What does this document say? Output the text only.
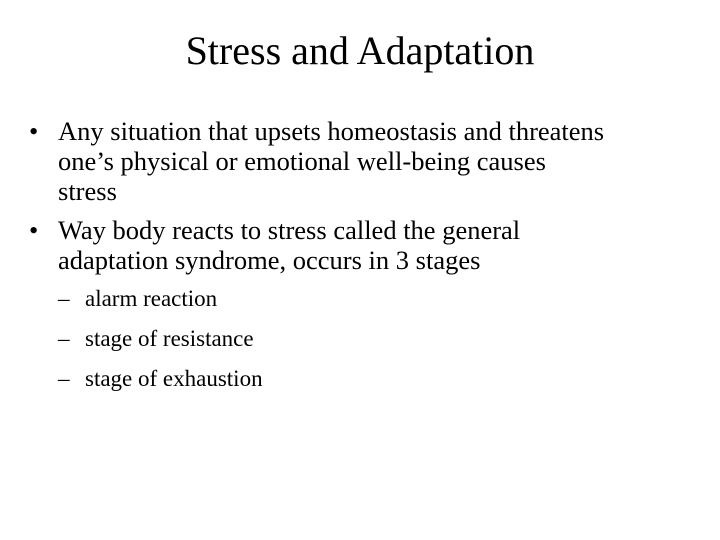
Stress and Adaptation
• Any situation that upsets homeostasis and threatens
one’s physical or emotional well-being causes
stress
• Way body reacts to stress called the general
adaptation syndrome, occurs in 3 stages
– alarm reaction
– stage of resistance
– stage of exhaustion
